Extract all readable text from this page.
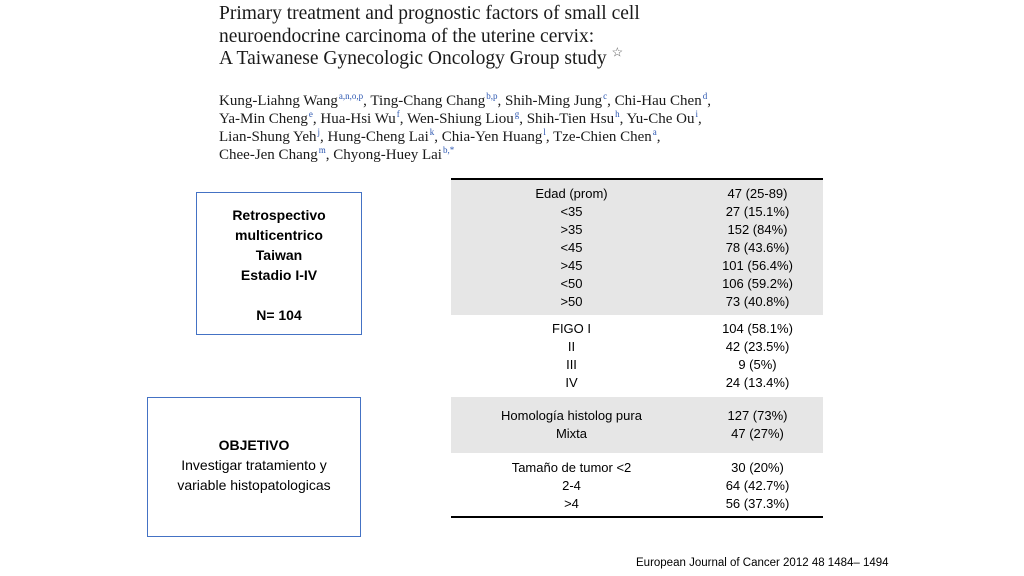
Primary treatment and prognostic factors of small cell
neuroendocrine carcinoma of the uterine cervix:
A Taiwanese Gynecologic Oncology Group study ☆
Kung-Liahng Wang$^{a,n,o,p}$, Ting-Chang Chang$^{b,p}$, Shih-Ming Jung$^c$, Chi-Hau Chen$^d$,
Ya-Min Cheng$^e$, Hua-Hsi Wu$^f$, Wen-Shiung Liou$^g$, Shih-Tien Hsu$^h$, Yu-Che Ou$^i$,
Lian-Shung Yeh$^j$, Hung-Cheng Lai$^k$, Chia-Yen Huang$^l$, Tze-Chien Chen$^a$,
Chee-Jen Chang$^m$, Chyong-Huey Lai$^{b,*}$
Retrospectivo
multicentrico
Taiwan
Estadio I-IV
N= 104
OBJETIVO
Investigar tratamiento y
variable histopatologicas
Edad (prom)
<35
>35
<45
>45
<50
>50
47 (25-89)
27 (15.1%)
152 (84%)
78 (43.6%)
101 (56.4%)
106 (59.2%)
73 (40.8%)
FIGO I
II
III
IV
104 (58.1%)
42 (23.5%)
9 (5%)
24 (13.4%)
Homología histolog pura
Mixta
127 (73%)
47 (27%)
Tamaño de tumor <2
2-4
>4
30 (20%)
64 (42.7%)
56 (37.3%)
European Journal of Cancer 2012 48 1484– 1494
